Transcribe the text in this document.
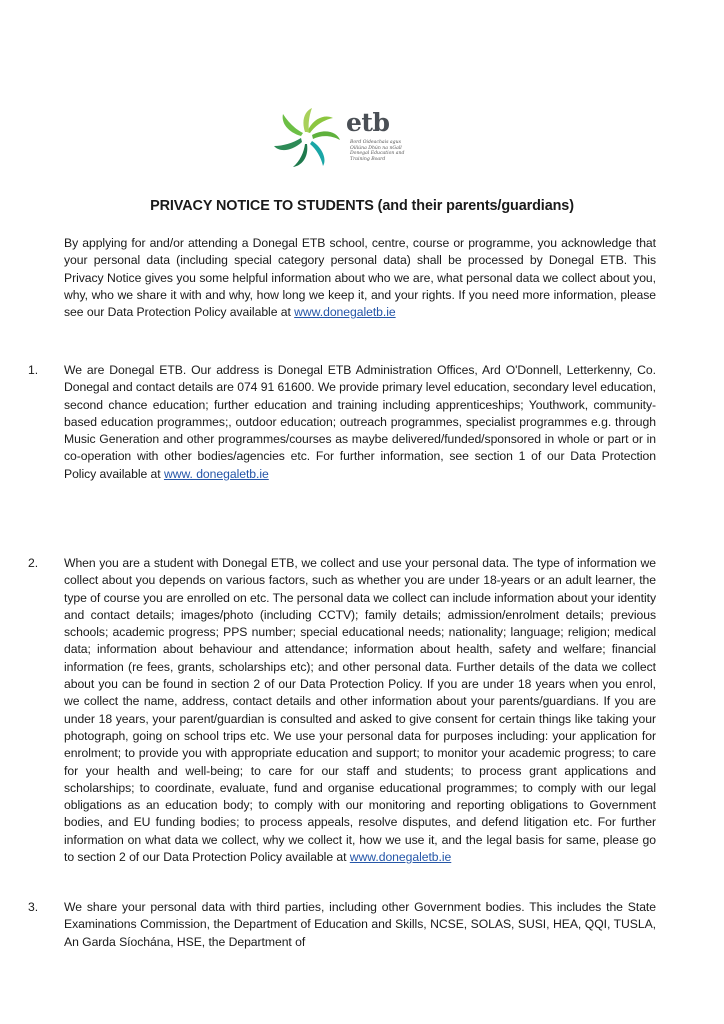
etb
Bord Oideachais agus
Oiliúna Dhún na nGall
Donegal Education and
Training Board
PRIVACY NOTICE TO STUDENTS (and their parents/guardians)
By applying for and/or attending a Donegal ETB school, centre, course or programme, you acknowledge that your personal data (including special category personal data) shall be processed by Donegal ETB. This Privacy Notice gives you some helpful information about who we are, what personal data we collect about you, why, who we share it with and why, how long we keep it, and your rights. If you need more information, please see our Data Protection Policy available at www.donegaletb.ie
1. We are Donegal ETB. Our address is Donegal ETB Administration Offices, Ard O'Donnell, Letterkenny, Co. Donegal and contact details are 074 91 61600. We provide primary level education, secondary level education, second chance education; further education and training including apprenticeships; Youthwork, community-based education programmes;, outdoor education; outreach programmes, specialist programmes e.g. through Music Generation and other programmes/courses as maybe delivered/funded/sponsored in whole or part or in co-operation with other bodies/agencies etc. For further information, see section 1 of our Data Protection Policy available at www. donegaletb.ie
2. When you are a student with Donegal ETB, we collect and use your personal data. The type of information we collect about you depends on various factors, such as whether you are under 18-years or an adult learner, the type of course you are enrolled on etc. The personal data we collect can include information about your identity and contact details; images/photo (including CCTV); family details; admission/enrolment details; previous schools; academic progress; PPS number; special educational needs; nationality; language; religion; medical data; information about behaviour and attendance; information about health, safety and welfare; financial information (re fees, grants, scholarships etc); and other personal data. Further details of the data we collect about you can be found in section 2 of our Data Protection Policy. If you are under 18 years when you enrol, we collect the name, address, contact details and other information about your parents/guardians. If you are under 18 years, your parent/guardian is consulted and asked to give consent for certain things like taking your photograph, going on school trips etc. We use your personal data for purposes including: your application for enrolment; to provide you with appropriate education and support; to monitor your academic progress; to care for your health and well-being; to care for our staff and students; to process grant applications and scholarships; to coordinate, evaluate, fund and organise educational programmes; to comply with our legal obligations as an education body; to comply with our monitoring and reporting obligations to Government bodies, and EU funding bodies; to process appeals, resolve disputes, and defend litigation etc. For further information on what data we collect, why we collect it, how we use it, and the legal basis for same, please go to section 2 of our Data Protection Policy available at www.donegaletb.ie
3. We share your personal data with third parties, including other Government bodies. This includes the State Examinations Commission, the Department of Education and Skills, NCSE, SOLAS, SUSI, HEA, QQI, TUSLA, An Garda Síochána, HSE, the Department of
